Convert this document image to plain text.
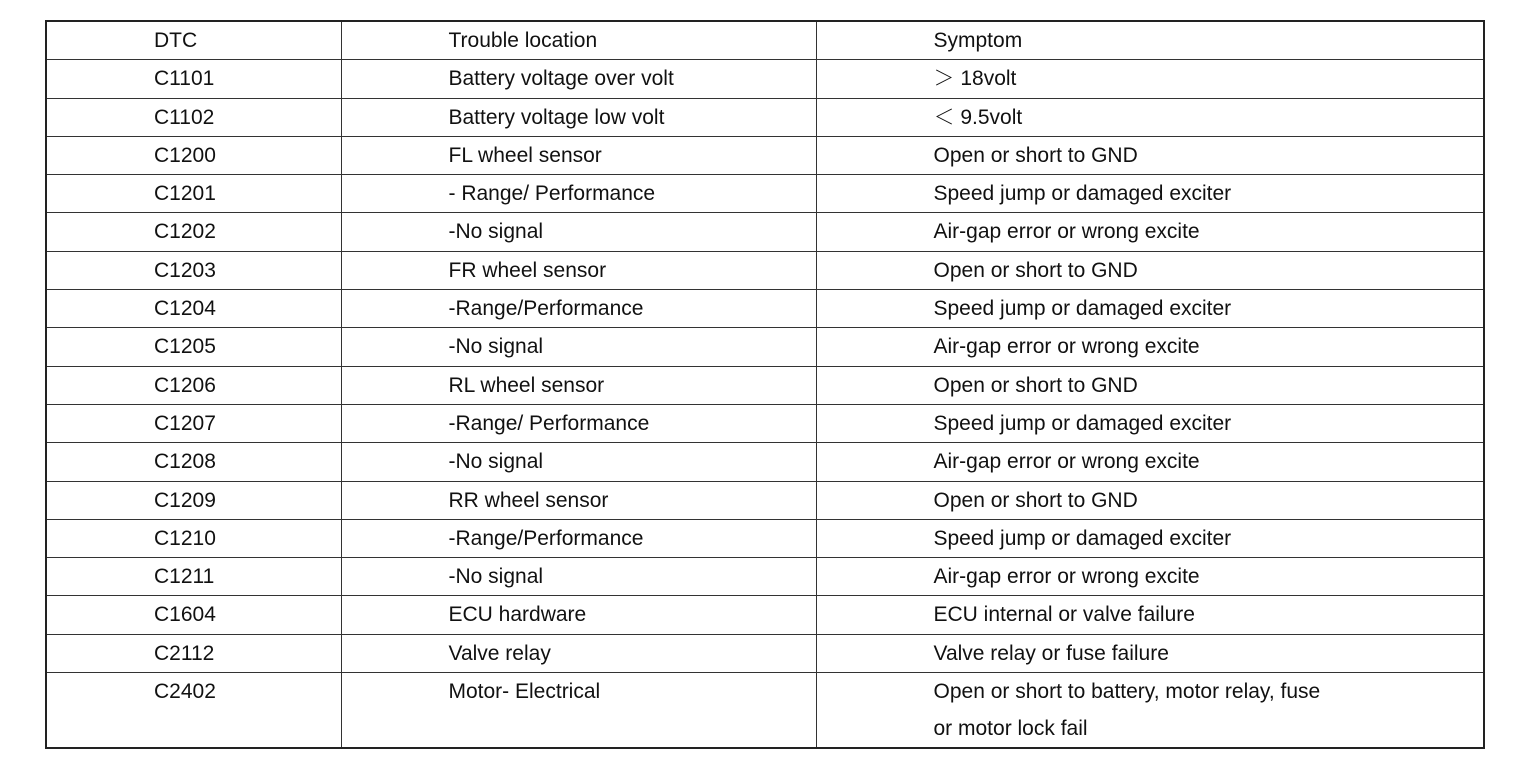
DTC	Trouble location	Symptom
C1101	Battery voltage over volt	＞ 18volt
C1102	Battery voltage low volt	＜ 9.5volt
C1200	FL wheel sensor	Open or short to GND
C1201	- Range/ Performance	Speed jump or damaged exciter
C1202	-No signal	Air-gap error or wrong excite
C1203	FR wheel sensor	Open or short to GND
C1204	-Range/Performance	Speed jump or damaged exciter
C1205	-No signal	Air-gap error or wrong excite
C1206	RL wheel sensor	Open or short to GND
C1207	-Range/ Performance	Speed jump or damaged exciter
C1208	-No signal	Air-gap error or wrong excite
C1209	RR wheel sensor	Open or short to GND
C1210	-Range/Performance	Speed jump or damaged exciter
C1211	-No signal	Air-gap error or wrong excite
C1604	ECU hardware	ECU internal or valve failure
C2112	Valve relay	Valve relay or fuse failure
C2402	Motor- Electrical	Open or short to battery, motor relay, fuse
or motor lock fail
